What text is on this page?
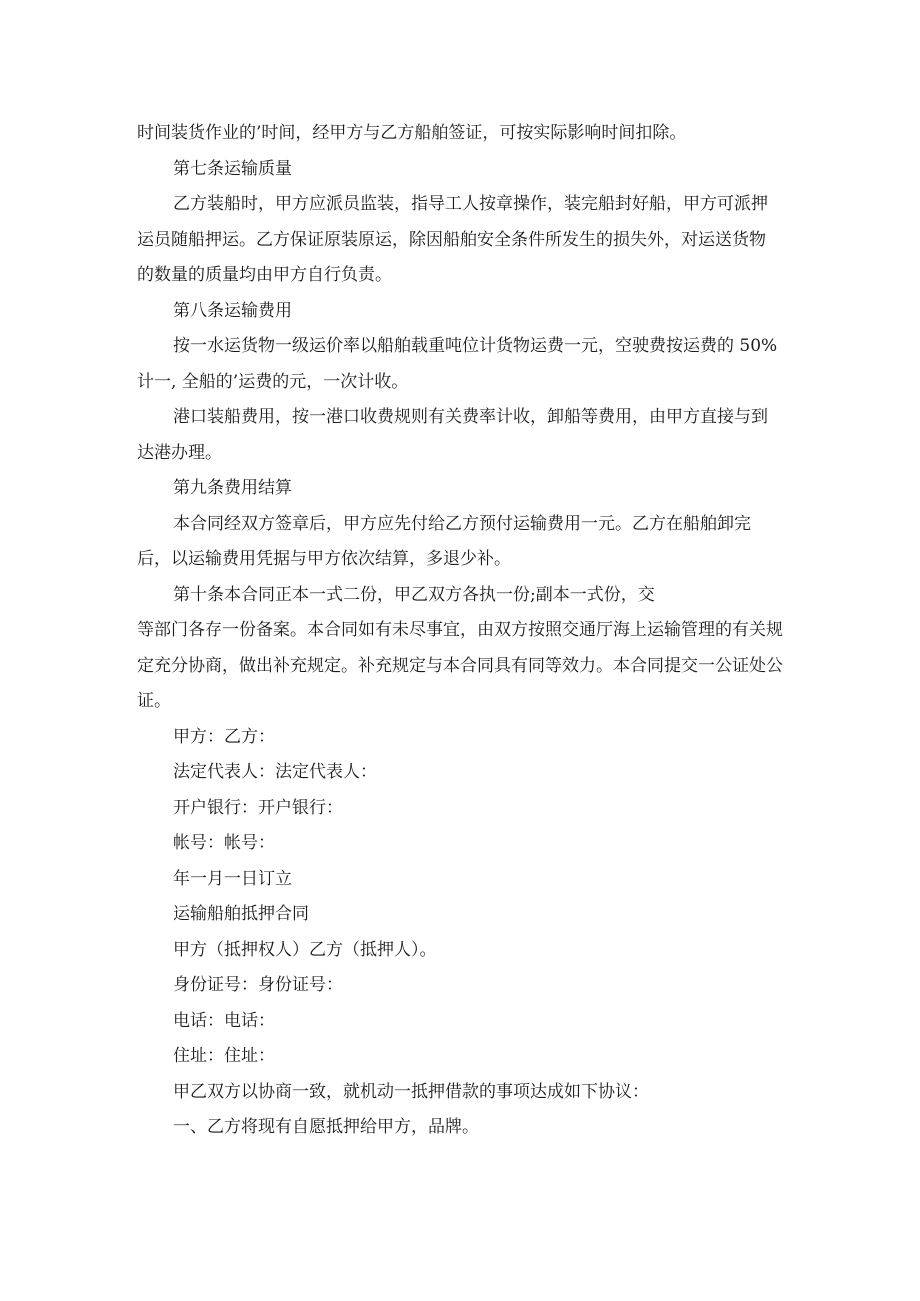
时间装货作业的’时间，经甲方与乙方船舶签证，可按实际影响时间扣除。
第七条运输质量
乙方装船时，甲方应派员监装，指导工人按章操作，装完船封好船，甲方可派押
运员随船押运。乙方保证原装原运，除因船舶安全条件所发生的损失外，对运送货物
的数量的质量均由甲方自行负责。
第八条运输费用
按一水运货物一级运价率以船舶载重吨位计货物运费一元，空驶费按运费的 50%
计一, 全船的’运费的元，一次计收。
港口装船费用，按一港口收费规则有关费率计收，卸船等费用，由甲方直接与到
达港办理。
第九条费用结算
本合同经双方签章后，甲方应先付给乙方预付运输费用一元。乙方在船舶卸完
后，以运输费用凭据与甲方依次结算，多退少补。
第十条本合同正本一式二份，甲乙双方各执一份;副本一式份，交
等部门各存一份备案。本合同如有未尽事宜，由双方按照交通厅海上运输管理的有关规
定充分协商，做出补充规定。补充规定与本合同具有同等效力。本合同提交一公证处公
证。
甲方：乙方：
法定代表人：法定代表人：
开户银行：开户银行：
帐号：帐号：
年一月一日订立
运输船舶抵押合同
甲方（抵押权人）乙方（抵押人）。
身份证号：身份证号：
电话：电话：
住址：住址：
甲乙双方以协商一致，就机动一抵押借款的事项达成如下协议：
一、乙方将现有自愿抵押给甲方，品牌。
